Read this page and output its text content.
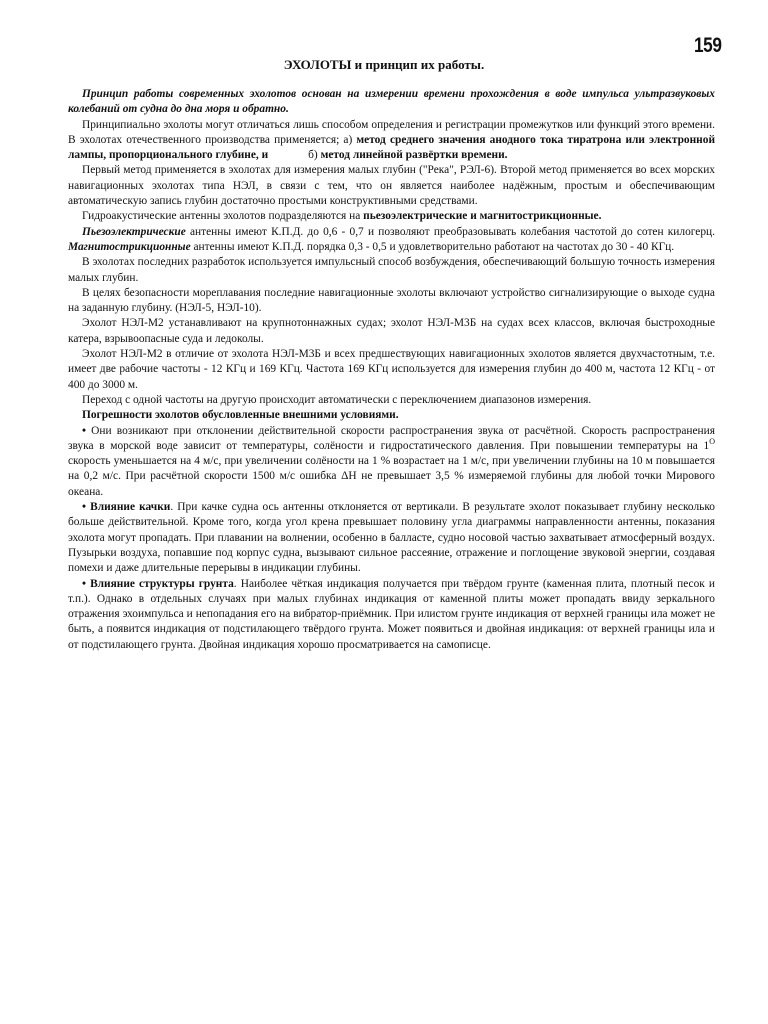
159
ЭХОЛОТЫ и принцип их работы.

Принцип работы современных эхолотов основан на измерении времени прохождения в воде импульса ультразвуковых колебаний от судна до дна моря и обратно.

Принципиально эхолоты могут отличаться лишь способом определения и регистрации промежутков или функций этого времени. В эхолотах отечественного производства применяется; а) метод среднего значения анодного тока тиратрона или электронной лампы, пропорционального глубине, и	б) метод линейной развёртки времени.

Первый метод применяется в эхолотах для измерения малых глубин ("Река", РЭЛ-6). Второй метод применяется во всех морских навигационных эхолотах типа НЭЛ, в связи с тем, что он является наиболее надёжным, простым и обеспечивающим автоматическую запись глубин достаточно простыми конструктивными средствами.

Гидроакустические антенны эхолотов подразделяются на пьезоэлектрические и магнитострикционные.

Пьезоэлектрические антенны имеют К.П.Д. до 0,6 - 0,7 и позволяют преобразовывать колебания частотой до сотен килогерц. Магнитострикционные антенны имеют К.П.Д. порядка 0,3 - 0,5 и удовлетворительно работают на частотах до 30 - 40 КГц.

В эхолотах последних разработок используется импульсный способ возбуждения, обеспечивающий большую точность измерения малых глубин.

В целях безопасности мореплавания последние навигационные эхолоты включают устройство сигнализирующие о выходе судна на заданную глубину. (НЭЛ-5, НЭЛ-10).

Эхолот НЭЛ-М2 устанавливают на крупнотоннажных судах; эхолот НЭЛ-М3Б на судах всех классов, включая быстроходные катера, взрывоопасные суда и ледоколы.

Эхолот НЭЛ-М2 в отличие от эхолота НЭЛ-М3Б и всех предшествующих навигационных эхолотов является двухчастотным, т.е. имеет две рабочие частоты - 12 КГц и 169 КГц. Частота 169 КГц используется для измерения глубин до 400 м, частота 12 КГц - от 400 до 3000 м.

Переход с одной частоты на другую происходит автоматически с переключением диапазонов измерения.

Погрешности эхолотов обусловленные внешними условиями.

• Они возникают при отклонении действительной скорости распространения звука от расчётной. Скорость распространения звука в морской воде зависит от температуры, солёности и гидростатического давления. При повышении температуры на $1^O$ скорость уменьшается на 4 м/с, при увеличении солёности на 1 % возрастает на 1 м/с, при увеличении глубины на 10 м повышается на 0,2 м/с. При расчётной скорости 1500 м/с ошибка ΔН не превышает 3,5 % измеряемой глубины для любой точки Мирового океана.

• Влияние качки. При качке судна ось антенны отклоняется от вертикали. В результате эхолот показывает глубину несколько больше действительной. Кроме того, когда угол крена превышает половину угла диаграммы направленности антенны, показания эхолота могут пропадать. При плавании на волнении, особенно в балласте, судно носовой частью захватывает атмосферный воздух. Пузырьки воздуха, попавшие под корпус судна, вызывают сильное рассеяние, отражение и поглощение звуковой энергии, создавая помехи и даже длительные перерывы в индикации глубины.

• Влияние структуры грунта. Наиболее чёткая индикация получается при твёрдом грунте (каменная плита, плотный песок и т.п.). Однако в отдельных случаях при малых глубинах индикация от каменной плиты может пропадать ввиду зеркального отражения эхоимпульса и непопадания его на вибратор-приёмник. При илистом грунте индикация от верхней границы ила может не быть, а появится индикация от подстилающего твёрдого грунта. Может появиться и двойная индикация: от верхней границы ила и от подстилающего грунта. Двойная индикация хорошо просматривается на самописце.
